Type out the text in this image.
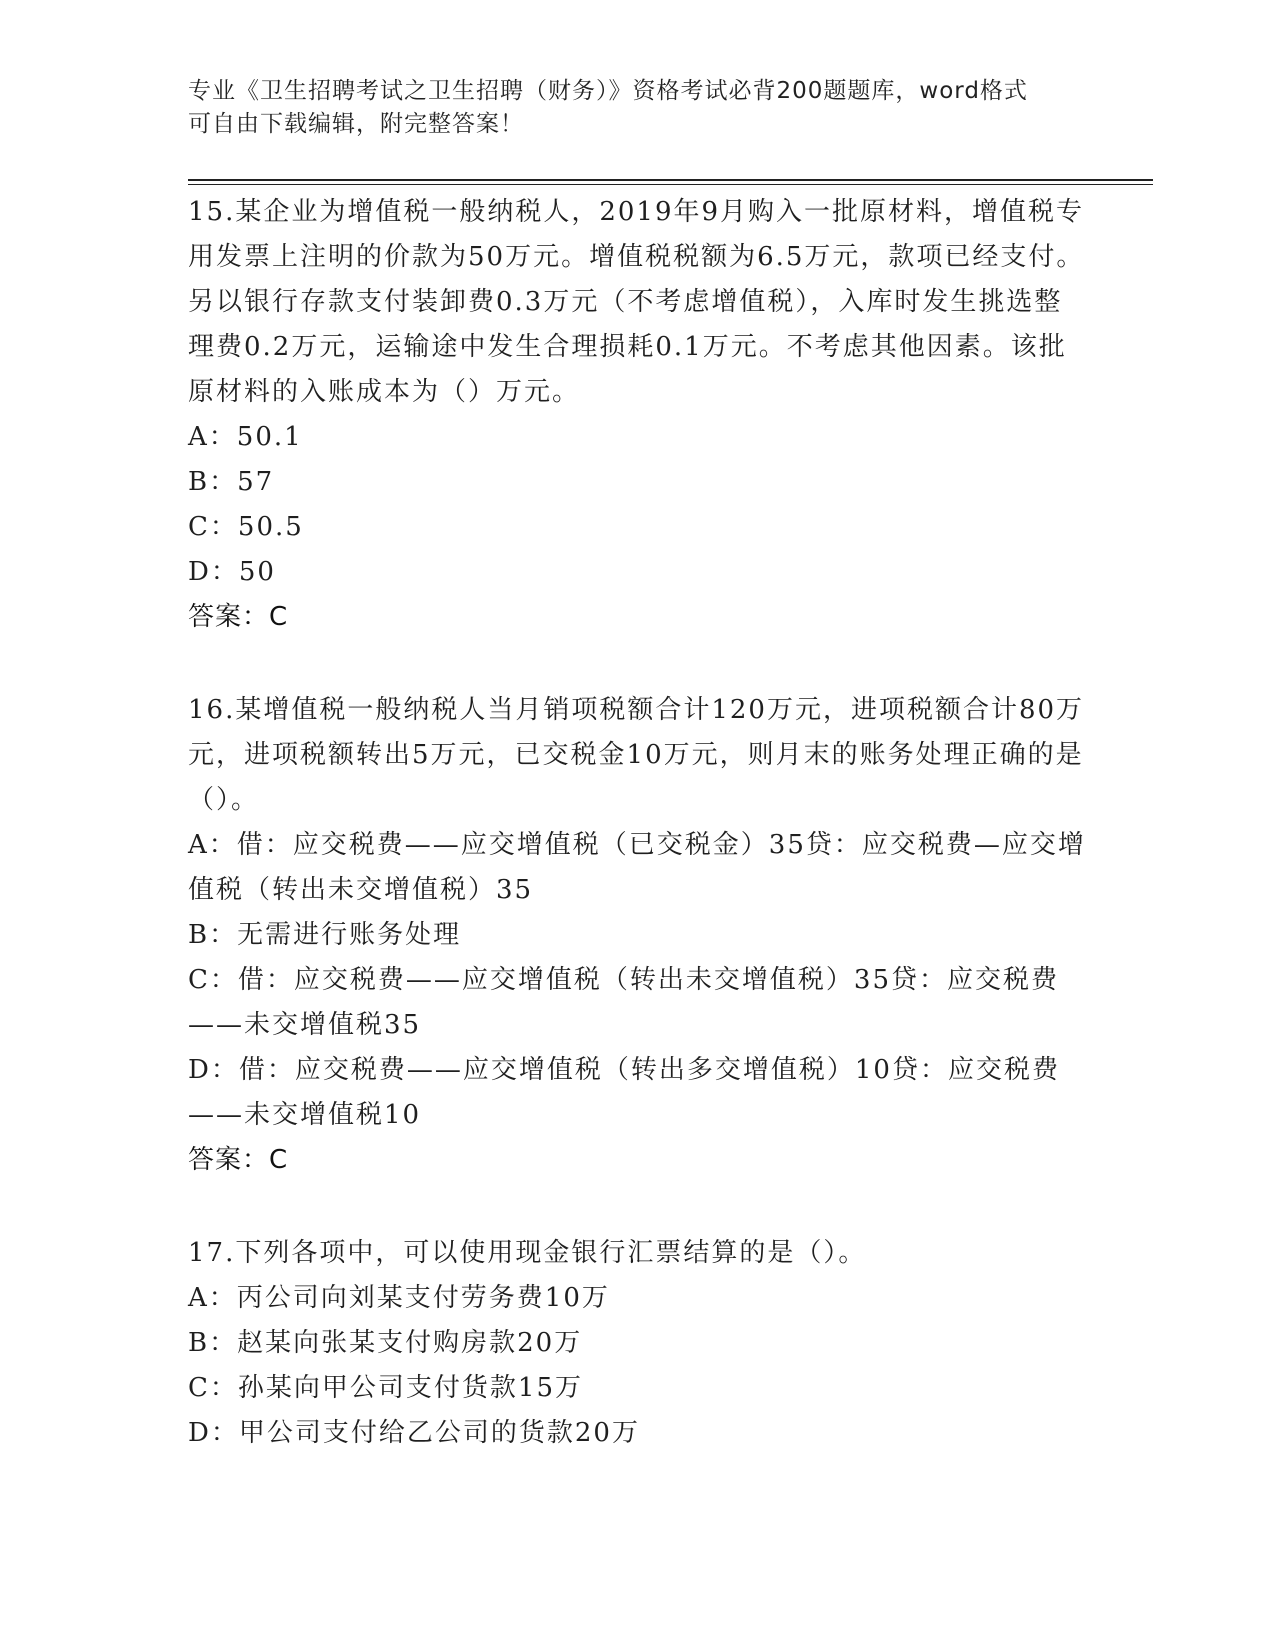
专业《卫生招聘考试之卫生招聘（财务）》资格考试必背200题题库，word格式
可自由下载编辑，附完整答案！

15.某企业为增值税一般纳税人，2019年9月购入一批原材料，增值税专用发票上注明的价款为50万元。增值税税额为6.5万元，款项已经支付。另以银行存款支付装卸费0.3万元（不考虑增值税），入库时发生挑选整理费0.2万元，运输途中发生合理损耗0.1万元。不考虑其他因素。该批原材料的入账成本为（）万元。

A：50.1

B：57

C：50.5

D：50

答案：C

16.某增值税一般纳税人当月销项税额合计120万元，进项税额合计80万元，进项税额转出5万元，已交税金10万元，则月末的账务处理正确的是（）。

A：借：应交税费——应交增值税（已交税金）35贷：应交税费—应交增值税（转出未交增值税）35

B：无需进行账务处理

C：借：应交税费——应交增值税（转出未交增值税）35贷：应交税费——未交增值税35

D：借：应交税费——应交增值税（转出多交增值税）10贷：应交税费——未交增值税10

答案：C

17.下列各项中，可以使用现金银行汇票结算的是（）。

A：丙公司向刘某支付劳务费10万

B：赵某向张某支付购房款20万

C：孙某向甲公司支付货款15万

D：甲公司支付给乙公司的货款20万
